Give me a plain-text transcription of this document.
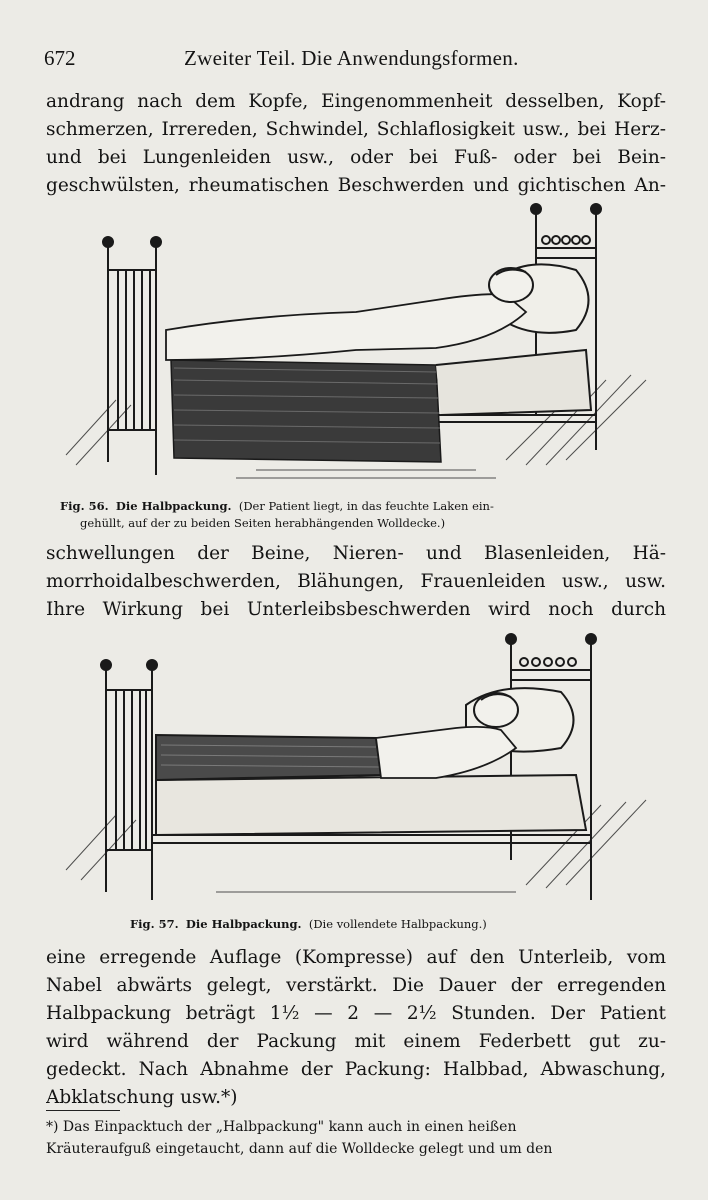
672	Zweiter Teil. Die Anwendungsformen.
andrang nach dem Kopfe, Eingenommenheit desselben, Kopf-
schmerzen, Irrereden, Schwindel, Schlaflosigkeit usw., bei Herz-
und bei Lungenleiden usw., oder bei Fuß- oder bei Bein-
geschwülsten, rheumatischen Beschwerden und gichtischen An-
Fig. 56. Die Halbpackung. (Der Patient liegt, in das feuchte Laken ein-
gehüllt, auf der zu beiden Seiten herabhängenden Wolldecke.)
schwellungen der Beine, Nieren- und Blasenleiden, Hä-
morrhoidalbeschwerden, Blähungen, Frauenleiden usw., usw.
Ihre Wirkung bei Unterleibsbeschwerden wird noch durch
Fig. 57. Die Halbpackung. (Die vollendete Halbpackung.)
eine erregende Auflage (Kompresse) auf den Unterleib, vom
Nabel abwärts gelegt, verstärkt. Die Dauer der erregenden
Halbpackung beträgt 1½ — 2 — 2½ Stunden. Der Patient
wird während der Packung mit einem Federbett gut zu-
gedeckt. Nach Abnahme der Packung: Halbbad, Abwaschung,
Abklatschung usw.*)
*) Das Einpacktuch der „Halbpackung" kann auch in einen heißen
Kräuteraufguß eingetaucht, dann auf die Wolldecke gelegt und um den
